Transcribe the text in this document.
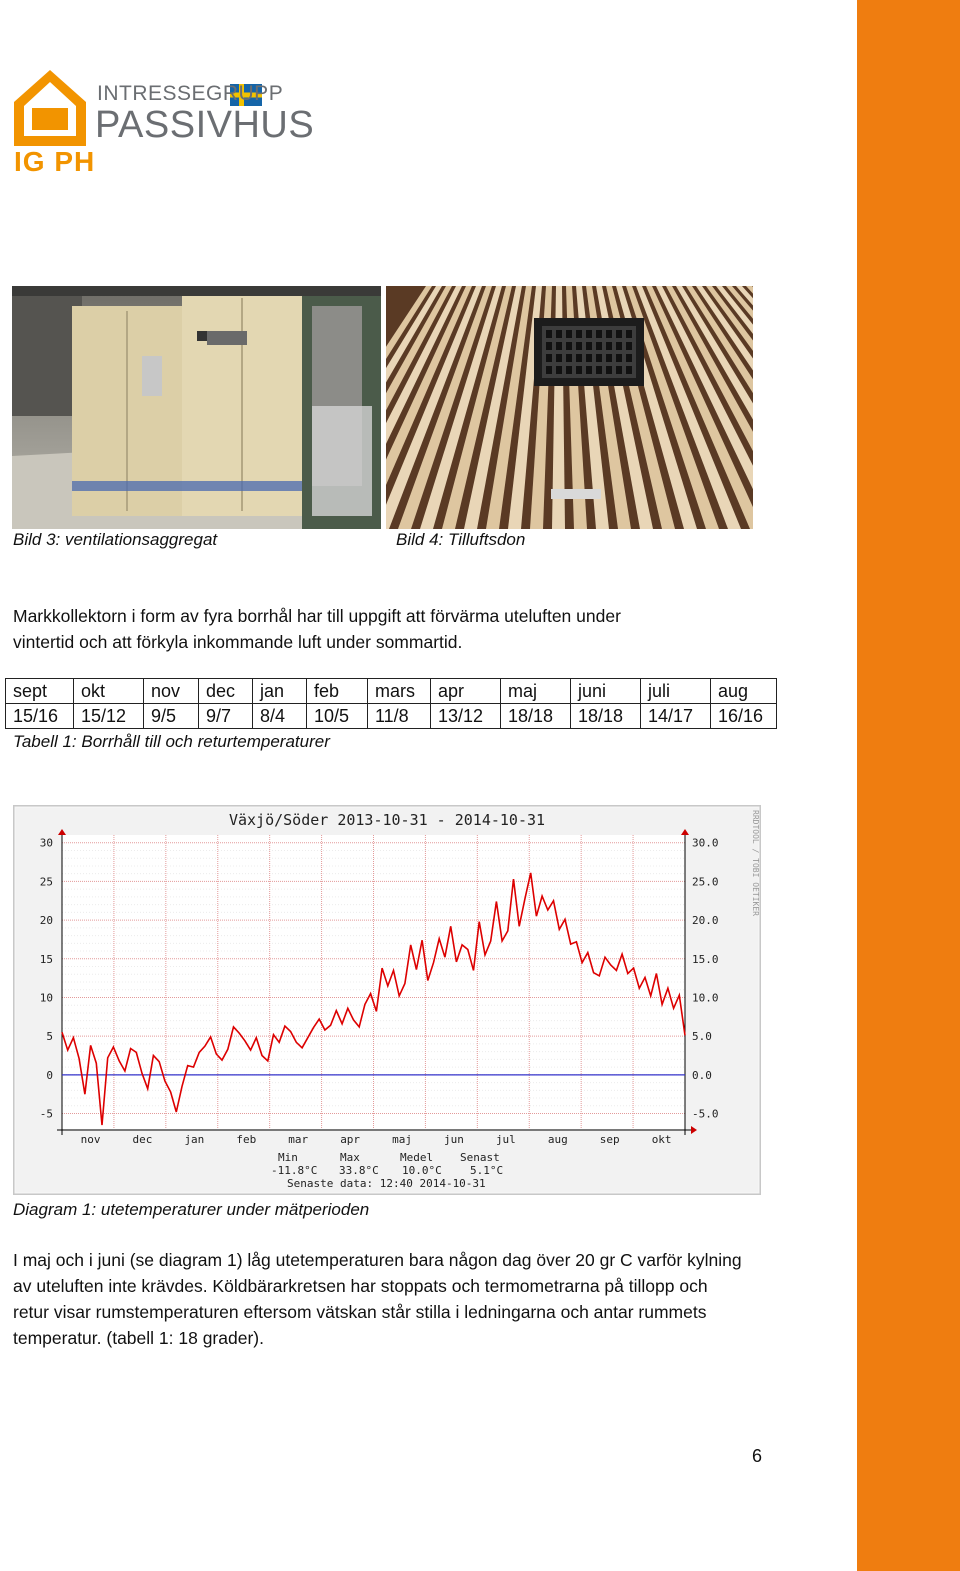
INTRESSEGRUPP
PASSIVHUS
IG PH
Bild 3: ventilationsaggregat	Bild 4: Tilluftsdon
Markkollektorn i form av fyra borrhål har till uppgift att förvärma uteluften under
vintertid och att förkyla inkommande luft under sommartid.
sept	okt	nov	dec	jan	feb	mars	apr	maj	juni	juli	aug
15/16	15/12	9/5	9/7	8/4	10/5	11/8	13/12	18/18	18/18	14/17	16/16
Tabell 1: Borrhåll till och returtemperaturer
nov	dec	jan	feb	mar	apr	maj	jun	jul	aug	sep	okt
30
25
20
15
10
5
0
-5
30.0
25.0
20.0
15.0
10.0
5.0
0.0
-5.0
Växjö/Söder 2013-10-31 - 2014-10-31	RRDTOOL / TOBI OETIKER
Min	Max	Medel Senast
-11.8°C 33.8°C 10.0°C	5.1°C
Senaste data: 12:40 2014-10-31
Diagram 1: utetemperaturer under mätperioden
I maj och i juni (se diagram 1) låg utetemperaturen bara någon dag över 20 gr C varför kylning
av uteluften inte krävdes. Köldbärarkretsen har stoppats och termometrarna på tillopp och
retur visar rumstemperaturen eftersom vätskan står stilla i ledningarna och antar rummets
temperatur. (tabell 1: 18 grader).
6
